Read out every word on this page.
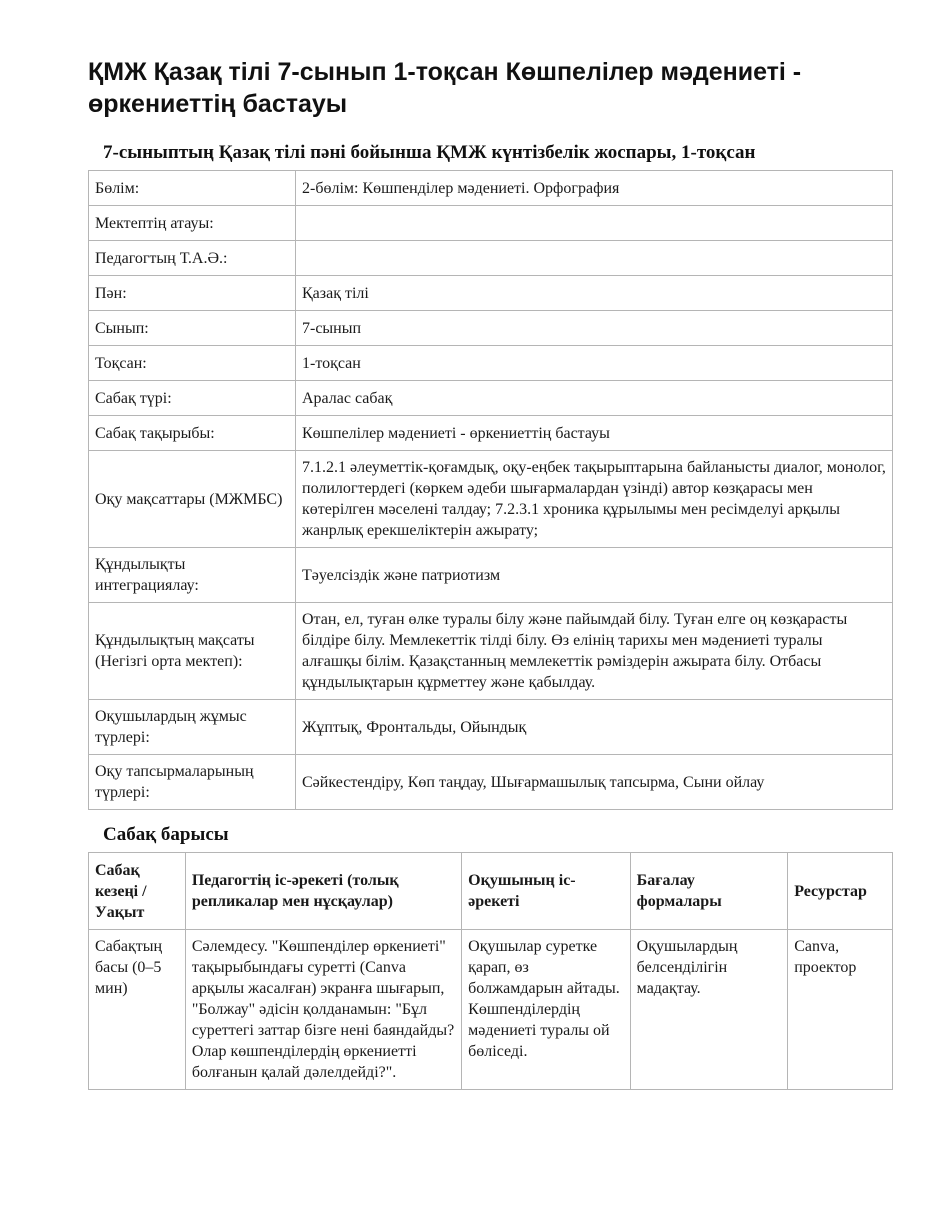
ҚМЖ Қазақ тілі 7-сынып 1-тоқсан Көшпелілер мәдениеті - өркениеттің бастауы
7-сыныптың Қазақ тілі пәні бойынша ҚМЖ күнтізбелік жоспары, 1-тоқсан
Бөлім:	2-бөлім: Көшпенділер мәдениеті. Орфография
Мектептің атауы:	
Педагогтың Т.А.Ә.:	
Пән:	Қазақ тілі
Сынып:	7-сынып
Тоқсан:	1-тоқсан
Сабақ түрі:	Аралас сабақ
Сабақ тақырыбы:	Көшпелілер мәдениеті - өркениеттің бастауы
Оқу мақсаттары (МЖМБС)	7.1.2.1 әлеуметтік-қоғамдық, оқу-еңбек тақырыптарына байланысты диалог, монолог, полилогтердегі (көркем әдеби шығармалардан үзінді) автор көзқарасы мен көтерілген мәселені талдау; 7.2.3.1 хроника құрылымы мен ресімделуі арқылы жанрлық ерекшеліктерін ажырату;
Құндылықты интеграциялау:	Тәуелсіздік және патриотизм
Құндылықтың мақсаты (Негізгі орта мектеп):	Отан, ел, туған өлке туралы білу және пайымдай білу. Туған елге оң көзқарасты білдіре білу. Мемлекеттік тілді білу. Өз елінің тарихы мен мәдениеті туралы алғашқы білім. Қазақстанның мемлекеттік рәміздерін ажырата білу. Отбасы құндылықтарын құрметтеу және қабылдау.
Оқушылардың жұмыс түрлері:	Жұптық, Фронтальды, Ойындық
Оқу тапсырмаларының түрлері:	Сәйкестендіру, Көп таңдау, Шығармашылық тапсырма, Сыни ойлау
Сабақ барысы
Сабақ кезеңі / Уақыт	Педагогтің іс-әрекеті (толық репликалар мен нұсқаулар)	Оқушының іс-әрекеті	Бағалау формалары	Ресурстар
Сабақтың басы (0–5 мин)	Сәлемдесу. "Көшпенділер өркениеті" тақырыбындағы суретті (Canva арқылы жасалған) экранға шығарып, "Болжау" әдісін қолданамын: "Бұл суреттегі заттар бізге нені баяндайды? Олар көшпенділердің өркениетті болғанын қалай дәлелдейді?".	Оқушылар суретке қарап, өз болжамдарын айтады. Көшпенділердің мәдениеті туралы ой бөліседі.	Оқушылардың белсенділігін мадақтау.	Canva, проектор
